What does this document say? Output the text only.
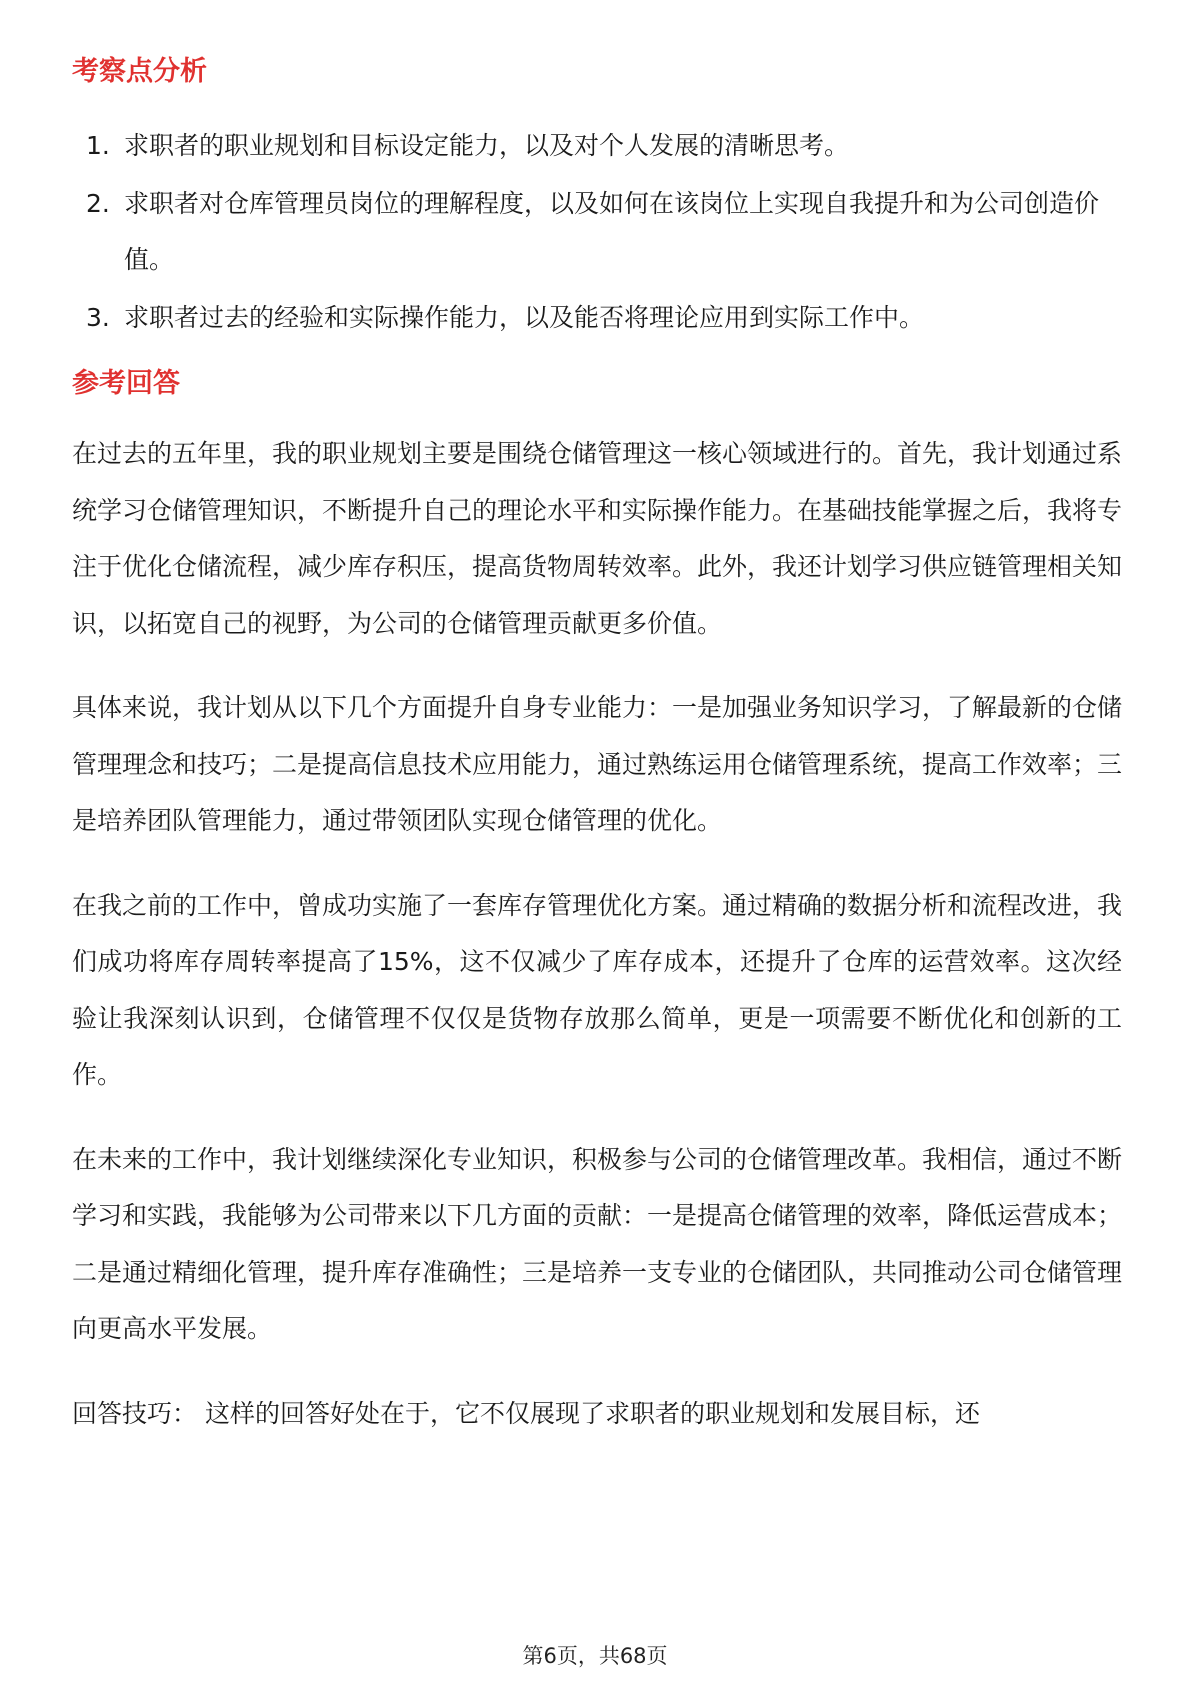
考察点分析
1. 求职者的职业规划和目标设定能力，以及对个人发展的清晰思考。
2. 求职者对仓库管理员岗位的理解程度，以及如何在该岗位上实现自我提升和为公司创造价值。
3. 求职者过去的经验和实际操作能力，以及能否将理论应用到实际工作中。
参考回答

在过去的五年里，我的职业规划主要是围绕仓储管理这一核心领域进行的。首先，我计划通过系统学习仓储管理知识，不断提升自己的理论水平和实际操作能力。在基础技能掌握之后，我将专注于优化仓储流程，减少库存积压，提高货物周转效率。此外，我还计划学习供应链管理相关知识，以拓宽自己的视野，为公司的仓储管理贡献更多价值。

具体来说，我计划从以下几个方面提升自身专业能力：一是加强业务知识学习，了解最新的仓储管理理念和技巧；二是提高信息技术应用能力，通过熟练运用仓储管理系统，提高工作效率；三是培养团队管理能力，通过带领团队实现仓储管理的优化。

在我之前的工作中，曾成功实施了一套库存管理优化方案。通过精确的数据分析和流程改进，我们成功将库存周转率提高了15%，这不仅减少了库存成本，还提升了仓库的运营效率。这次经验让我深刻认识到，仓储管理不仅仅是货物存放那么简单，更是一项需要不断优化和创新的工作。

在未来的工作中，我计划继续深化专业知识，积极参与公司的仓储管理改革。我相信，通过不断学习和实践，我能够为公司带来以下几方面的贡献：一是提高仓储管理的效率，降低运营成本；二是通过精细化管理，提升库存准确性；三是培养一支专业的仓储团队，共同推动公司仓储管理向更高水平发展。

回答技巧： 这样的回答好处在于，它不仅展现了求职者的职业规划和发展目标，还

第6页，共68页
